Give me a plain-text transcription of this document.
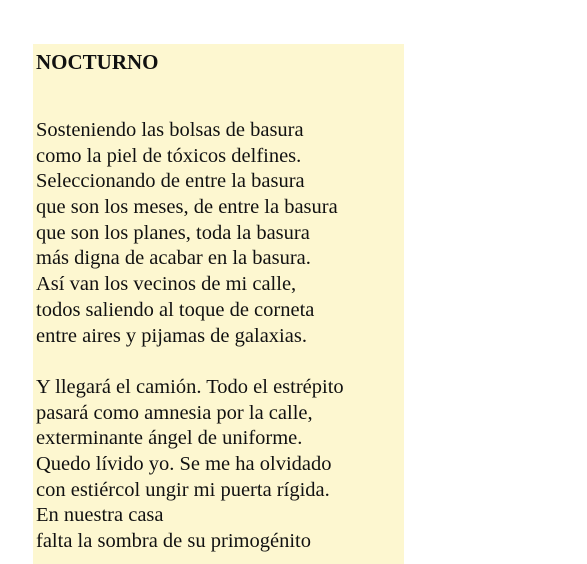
NOCTURNO
Sosteniendo las bolsas de basura
como la piel de tóxicos delfines.
Seleccionando de entre la basura
que son los meses, de entre la basura
que son los planes, toda la basura
más digna de acabar en la basura.
Así van los vecinos de mi calle,
todos saliendo al toque de corneta
entre aires y pijamas de galaxias.
Y llegará el camión. Todo el estrépito
pasará como amnesia por la calle,
exterminante ángel de uniforme.
Quedo lívido yo. Se me ha olvidado
con estiércol ungir mi puerta rígida.
En nuestra casa
falta la sombra de su primogénito
